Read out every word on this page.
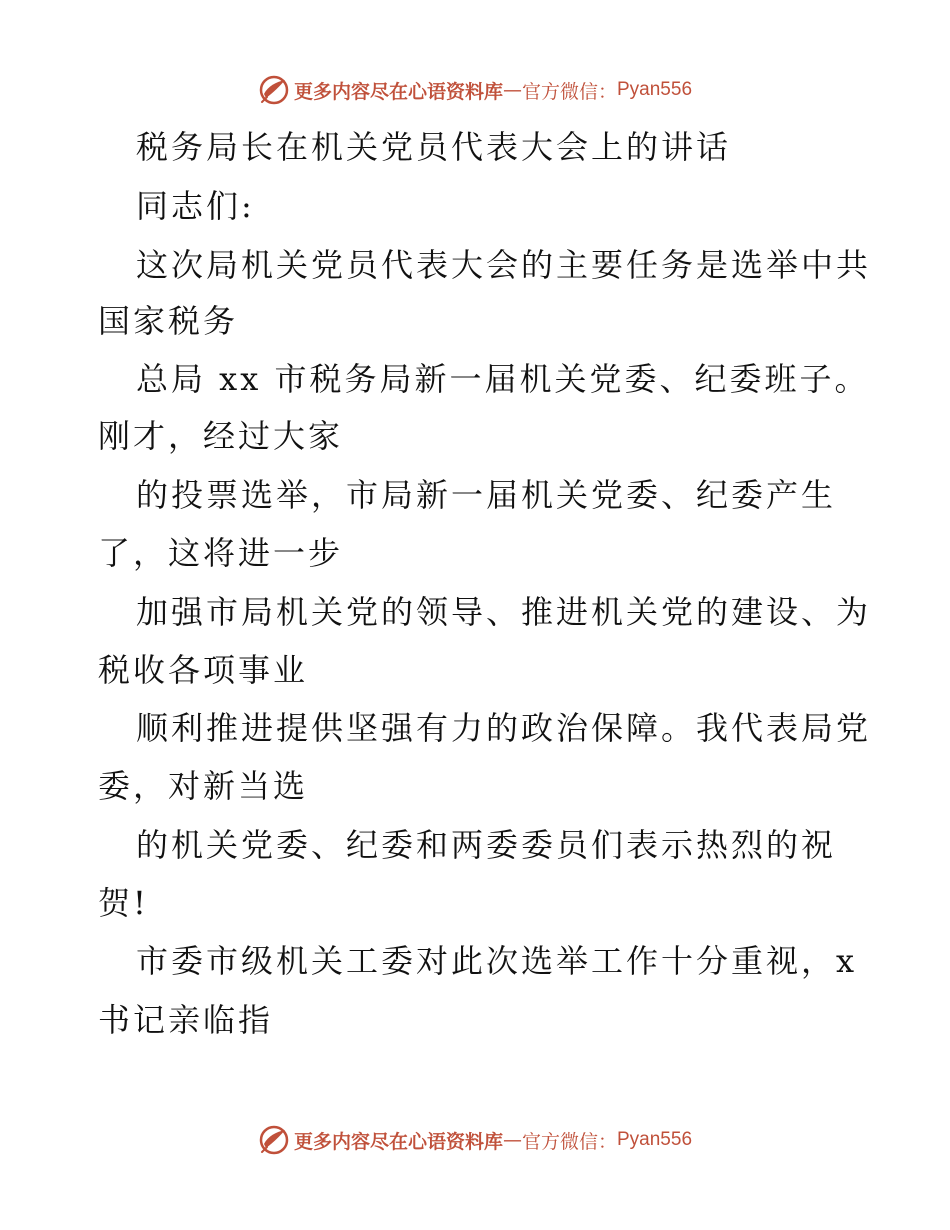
更多内容尽在心语资料库 — 官方微信： Pyan556
税务局长在机关党员代表大会上的讲话
同志们:
这次局机关党员代表大会的主要任务是选举中共
国家税务
总局 xx 市税务局新一届机关党委、纪委班子。
刚才，经过大家
的投票选举，市局新一届机关党委、纪委产生
了，这将进一步
加强市局机关党的领导、推进机关党的建设、为
税收各项事业
顺利推进提供坚强有力的政治保障。我代表局党
委，对新当选
的机关党委、纪委和两委委员们表示热烈的祝
贺!
市委市级机关工委对此次选举工作十分重视，x
书记亲临指
更多内容尽在心语资料库 — 官方微信： Pyan556
